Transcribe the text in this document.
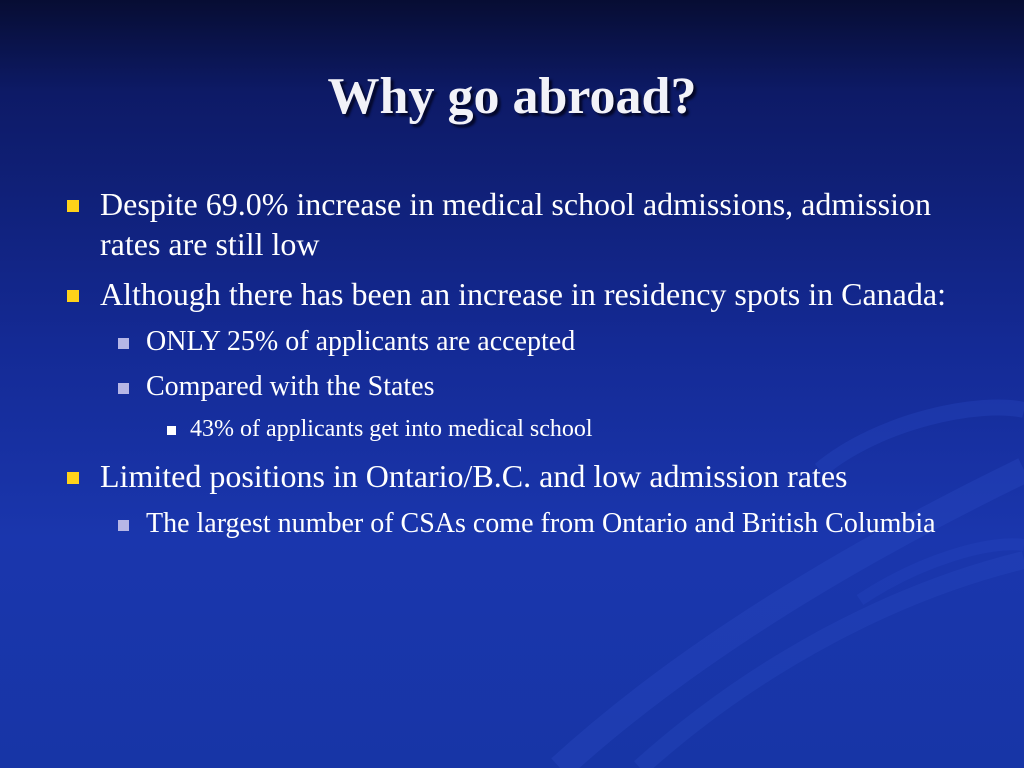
Why go abroad?
Despite 69.0% increase in medical school admissions, admission rates are still low
Although there has been an increase in residency spots in Canada:
ONLY 25% of applicants are accepted
Compared with the States
43% of applicants get into medical school
Limited positions in Ontario/B.C. and low admission rates
The largest number of CSAs come from Ontario and British Columbia
